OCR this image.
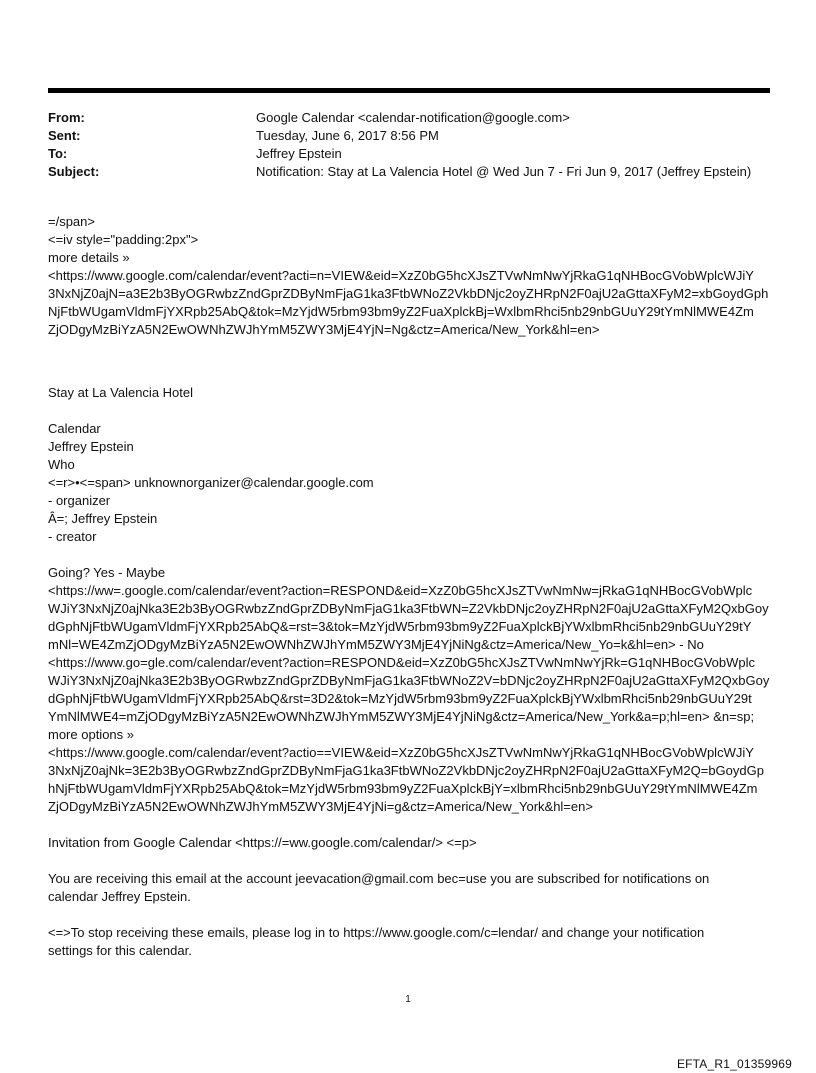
From:	Google Calendar <calendar-notification@google.com>
Sent:	Tuesday, June 6, 2017 8:56 PM
To:	Jeffrey Epstein
Subject:	Notification: Stay at La Valencia Hotel @ Wed Jun 7 - Fri Jun 9, 2017 (Jeffrey Epstein)
=/span>
<=iv style="padding:2px">
more details »
<https://www.google.com/calendar/event?acti=n=VIEW&eid=XzZ0bG5hcXJsZTVwNmNwYjRkaG1qNHBocGVobWplcWJiY
3NxNjZ0ajN=a3E2b3ByOGRwbzZndGprZDByNmFjaG1ka3FtbWNoZ2VkbDNjc2oyZHRpN2F0ajU2aGttaXFyM2=xbGoydGph
NjFtbWUgamVldmFjYXRpb25AbQ&tok=MzYjdW5rbm93bm9yZ2FuaXplckBj=WxlbmRhci5nb29nbGUuY29tYmNlMWE4Zm
ZjODgyMzBiYzA5N2EwOWNhZWJhYmM5ZWY3MjE4YjN=Ng&ctz=America/New_York&hl=en>
Stay at La Valencia Hotel
Calendar
Jeffrey Epstein
Who
<=r>•<=span> unknownorganizer@calendar.google.com
- organizer
Â=; Jeffrey Epstein
- creator
Going? Yes - Maybe
<https://ww=.google.com/calendar/event?action=RESPOND&eid=XzZ0bG5hcXJsZTVwNmNw=jRkaG1qNHBocGVobWplc
WJiY3NxNjZ0ajNka3E2b3ByOGRwbzZndGprZDByNmFjaG1ka3FtbWN=Z2VkbDNjc2oyZHRpN2F0ajU2aGttaXFyM2QxbGoy
dGphNjFtbWUgamVldmFjYXRpb25AbQ&=rst=3&tok=MzYjdW5rbm93bm9yZ2FuaXplckBjYWxlbmRhci5nb29nbGUuY29tY
mNl=WE4ZmZjODgyMzBiYzA5N2EwOWNhZWJhYmM5ZWY3MjE4YjNiNg&ctz=America/New_Yo=k&hl=en> - No
<https://www.go=gle.com/calendar/event?action=RESPOND&eid=XzZ0bG5hcXJsZTVwNmNwYjRk=G1qNHBocGVobWplc
WJiY3NxNjZ0ajNka3E2b3ByOGRwbzZndGprZDByNmFjaG1ka3FtbWNoZ2V=bDNjc2oyZHRpN2F0ajU2aGttaXFyM2QxbGoy
dGphNjFtbWUgamVldmFjYXRpb25AbQ&rst=3D2&tok=MzYjdW5rbm93bm9yZ2FuaXplckBjYWxlbmRhci5nb29nbGUuY29t
YmNlMWE4=mZjODgyMzBiYzA5N2EwOWNhZWJhYmM5ZWY3MjE4YjNiNg&ctz=America/New_York&a=p;hl=en> &n=sp;
more options »
<https://www.google.com/calendar/event?actio==VIEW&eid=XzZ0bG5hcXJsZTVwNmNwYjRkaG1qNHBocGVobWplcWJiY
3NxNjZ0ajNk=3E2b3ByOGRwbzZndGprZDByNmFjaG1ka3FtbWNoZ2VkbDNjc2oyZHRpN2F0ajU2aGttaXFyM2Q=bGoydGp
hNjFtbWUgamVldmFjYXRpb25AbQ&tok=MzYjdW5rbm93bm9yZ2FuaXplckBjY=xlbmRhci5nb29nbGUuY29tYmNlMWE4Zm
ZjODgyMzBiYzA5N2EwOWNhZWJhYmM5ZWY3MjE4YjNi=g&ctz=America/New_York&hl=en>
Invitation from Google Calendar <https://=ww.google.com/calendar/> <=p>
You are receiving this email at the account jeevacation@gmail.com bec=use you are subscribed for notifications on
calendar Jeffrey Epstein.
<=>To stop receiving these emails, please log in to https://www.google.com/c=lendar/ and change your notification
settings for this calendar.
1
EFTA_R1_01359969
